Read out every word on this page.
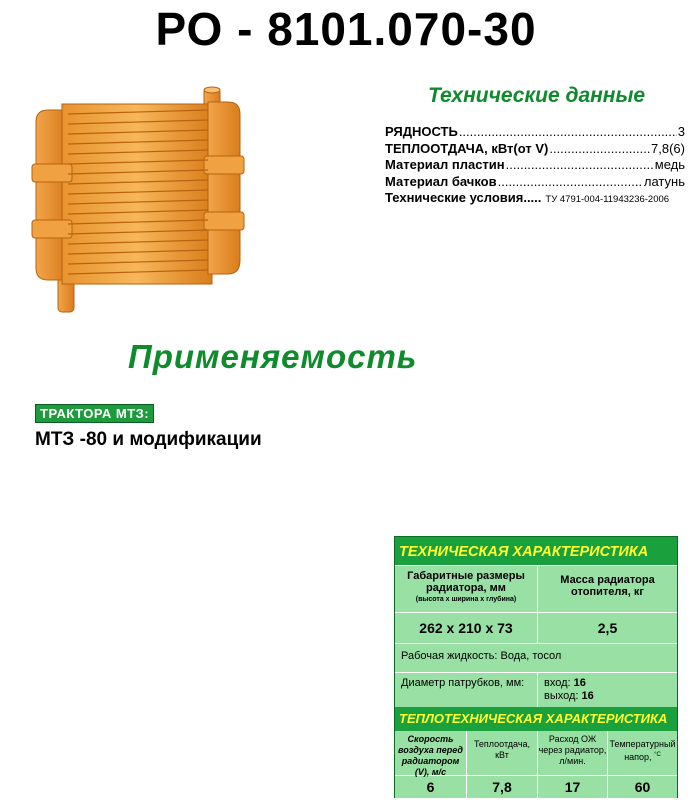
РО - 8101.070-30
Технические данные
РЯДНОСТЬ .....	3
ТЕПЛООТДАЧА, кВт(от V) .....	7,8(6)
Материал пластин .....	медь
Материал бачков .....	латунь
Технические условия..... ТУ 4791-004-11943236-2006
Применяемость
ТРАКТОРА МТЗ:
МТЗ -80 и модификации
ТЕХНИЧЕСКАЯ ХАРАКТЕРИСТИКА
Габаритные размеры радиатора, мм
(высота x ширина x глубина)
Масса радиатора отопителя, кг
262 x 210 x 73	2,5
Рабочая жидкость: Вода, тосол
Диаметр патрубков, мм:	вход: 16
выход: 16
ТЕПЛОТЕХНИЧЕСКАЯ ХАРАКТЕРИСТИКА
Скорость воздуха перед радиатором (V), м/с
Теплоотдача, кВт
Расход ОЖ через радиатор, л/мин.
Температурный напор, $^{^\circ С}$
6	7,8	17	60
